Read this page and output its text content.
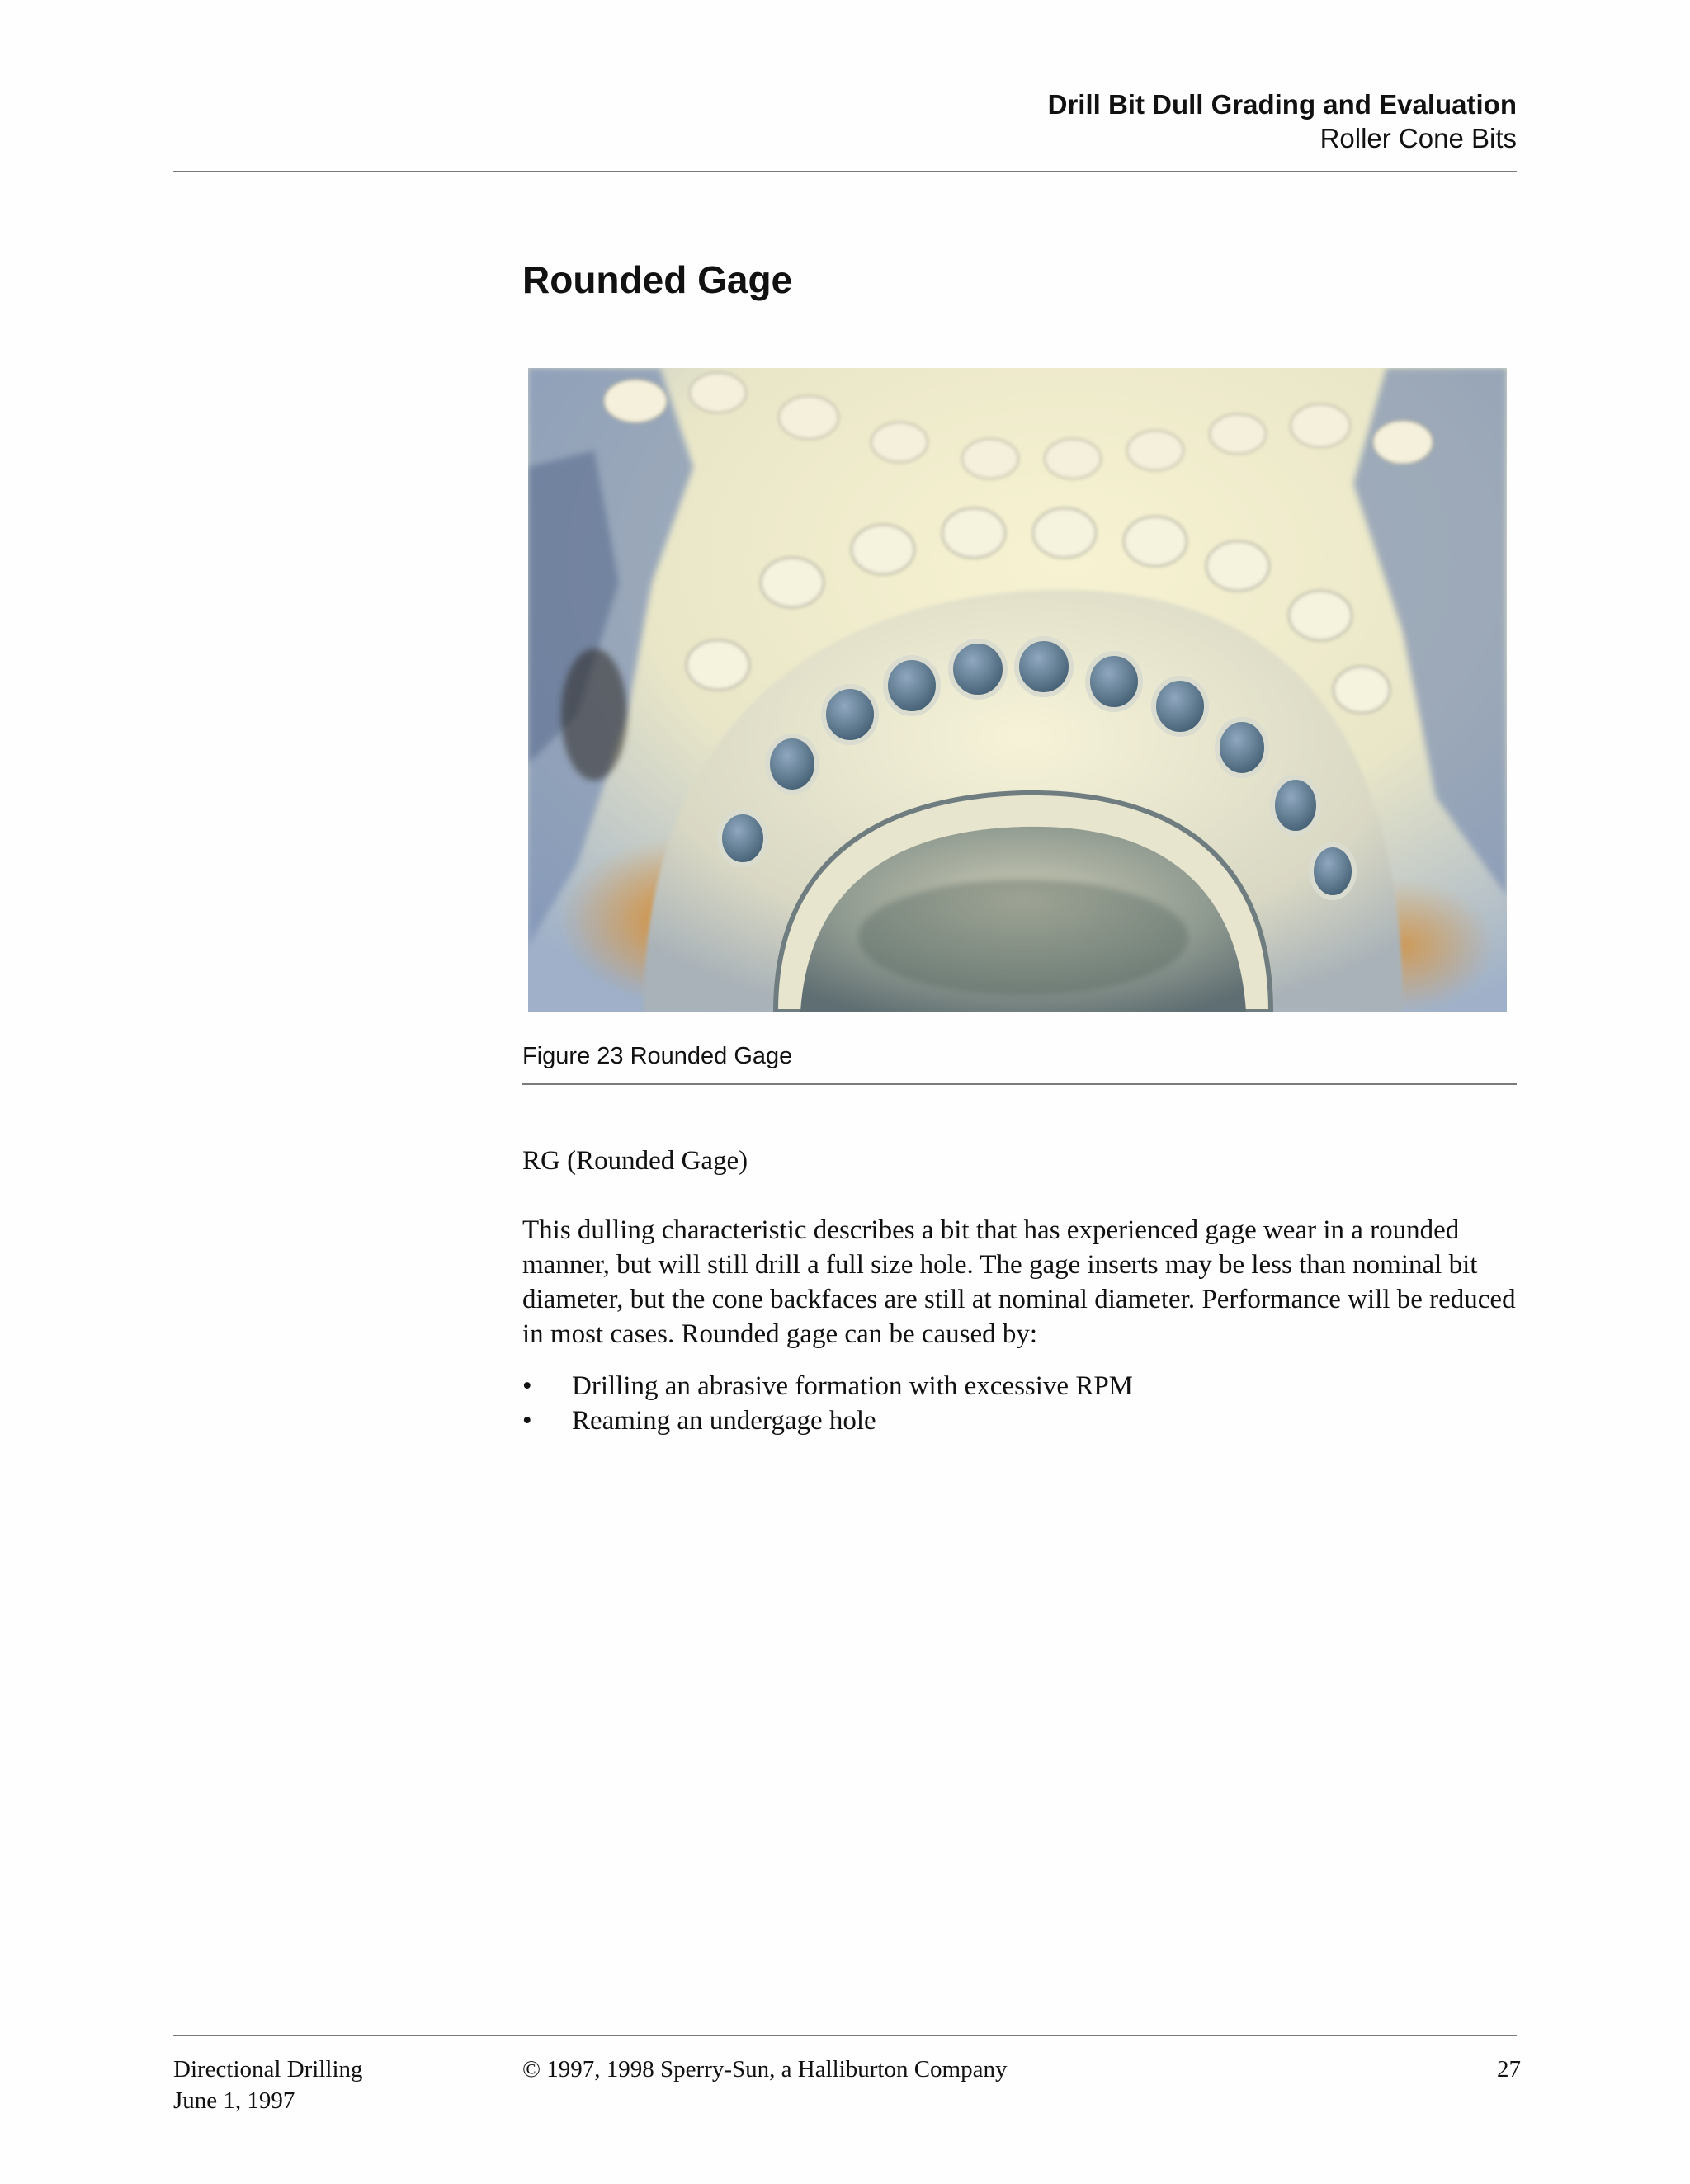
Drill Bit Dull Grading and Evaluation
Roller Cone Bits
Rounded Gage
Figure 23 Rounded Gage

RG (Rounded Gage)

This dulling characteristic describes a bit that has experienced gage wear in a rounded manner, but will still drill a full size hole. The gage inserts may be less than nominal bit diameter, but the cone backfaces are still at nominal diameter. Performance will be reduced in most cases. Rounded gage can be caused by:

• Drilling an abrasive formation with excessive RPM
• Reaming an undergage hole
Directional Drilling
June 1, 1997
© 1997, 1998 Sperry-Sun, a Halliburton Company	27
